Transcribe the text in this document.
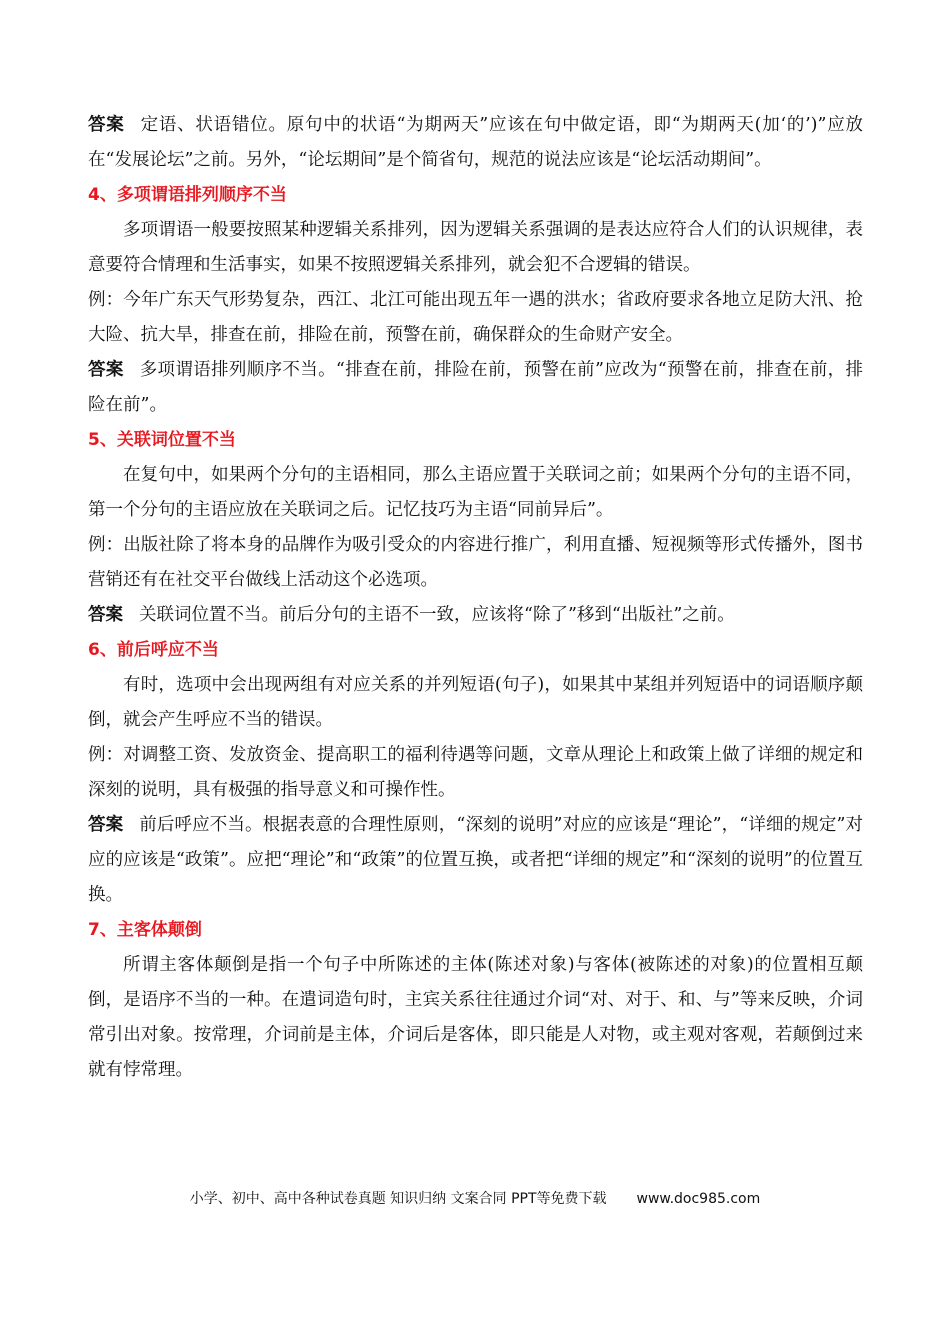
答案 定语、状语错位。原句中的状语“为期两天”应该在句中做定语，即“为期两天(加‘的’)”应放在“发展论坛”之前。另外，“论坛期间”是个简省句，规范的说法应该是“论坛活动期间”。

4、多项谓语排列顺序不当

多项谓语一般要按照某种逻辑关系排列，因为逻辑关系强调的是表达应符合人们的认识规律，表意要符合情理和生活事实，如果不按照逻辑关系排列，就会犯不合逻辑的错误。

例：今年广东天气形势复杂，西江、北江可能出现五年一遇的洪水；省政府要求各地立足防大汛、抢大险、抗大旱，排查在前，排险在前，预警在前，确保群众的生命财产安全。

答案 多项谓语排列顺序不当。“排查在前，排险在前，预警在前”应改为“预警在前，排查在前，排险在前”。

5、关联词位置不当

在复句中，如果两个分句的主语相同，那么主语应置于关联词之前；如果两个分句的主语不同，第一个分句的主语应放在关联词之后。记忆技巧为主语“同前异后”。

例：出版社除了将本身的品牌作为吸引受众的内容进行推广，利用直播、短视频等形式传播外，图书营销还有在社交平台做线上活动这个必选项。

答案 关联词位置不当。前后分句的主语不一致，应该将“除了”移到“出版社”之前。

6、前后呼应不当

有时，选项中会出现两组有对应关系的并列短语(句子)，如果其中某组并列短语中的词语顺序颠倒，就会产生呼应不当的错误。

例：对调整工资、发放资金、提高职工的福利待遇等问题，文章从理论上和政策上做了详细的规定和深刻的说明，具有极强的指导意义和可操作性。

答案 前后呼应不当。根据表意的合理性原则，“深刻的说明”对应的应该是“理论”，“详细的规定”对应的应该是“政策”。应把“理论”和“政策”的位置互换，或者把“详细的规定”和“深刻的说明”的位置互换。

7、主客体颠倒

所谓主客体颠倒是指一个句子中所陈述的主体(陈述对象)与客体(被陈述的对象)的位置相互颠倒，是语序不当的一种。在遣词造句时，主宾关系往往通过介词“对、对于、和、与”等来反映，介词常引出对象。按常理，介词前是主体，介词后是客体，即只能是人对物，或主观对客观，若颠倒过来就有悖常理。

小学、初中、高中各种试卷真题 知识归纳 文案合同 PPT等免费下载 www.doc985.com
